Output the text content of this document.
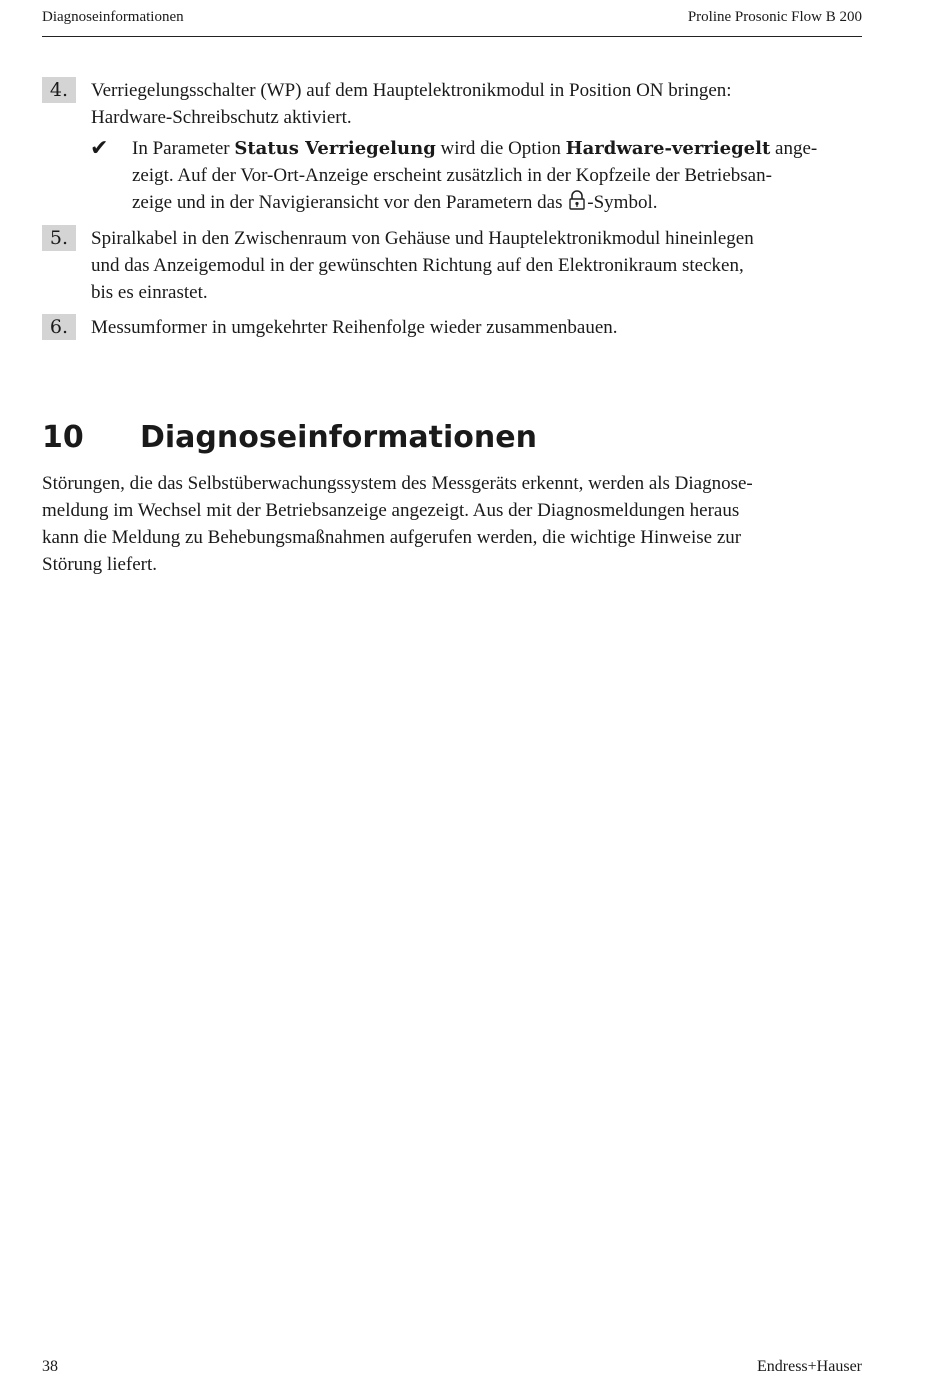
Diagnoseinformationen	Proline Prosonic Flow B 200
4.	Verriegelungsschalter (WP) auf dem Hauptelektronikmodul in Position ON bringen:
Hardware-Schreibschutz aktiviert.
✔ In Parameter Status Verriegelung wird die Option Hardware-verriegelt ange-
zeigt. Auf der Vor-Ort-Anzeige erscheint zusätzlich in der Kopfzeile der Betriebsan-
zeige und in der Navigieransicht vor den Parametern das -Symbol.
5.	Spiralkabel in den Zwischenraum von Gehäuse und Hauptelektronikmodul hineinlegen
und das Anzeigemodul in der gewünschten Richtung auf den Elektronikraum stecken,
bis es einrastet.
6.	Messumformer in umgekehrter Reihenfolge wieder zusammenbauen.
10 Diagnoseinformationen
Störungen, die das Selbstüberwachungssystem des Messgeräts erkennt, werden als Diagnose-
meldung im Wechsel mit der Betriebsanzeige angezeigt. Aus der Diagnosmeldungen heraus
kann die Meldung zu Behebungsmaßnahmen aufgerufen werden, die wichtige Hinweise zur
Störung liefert.
38	Endress+Hauser
